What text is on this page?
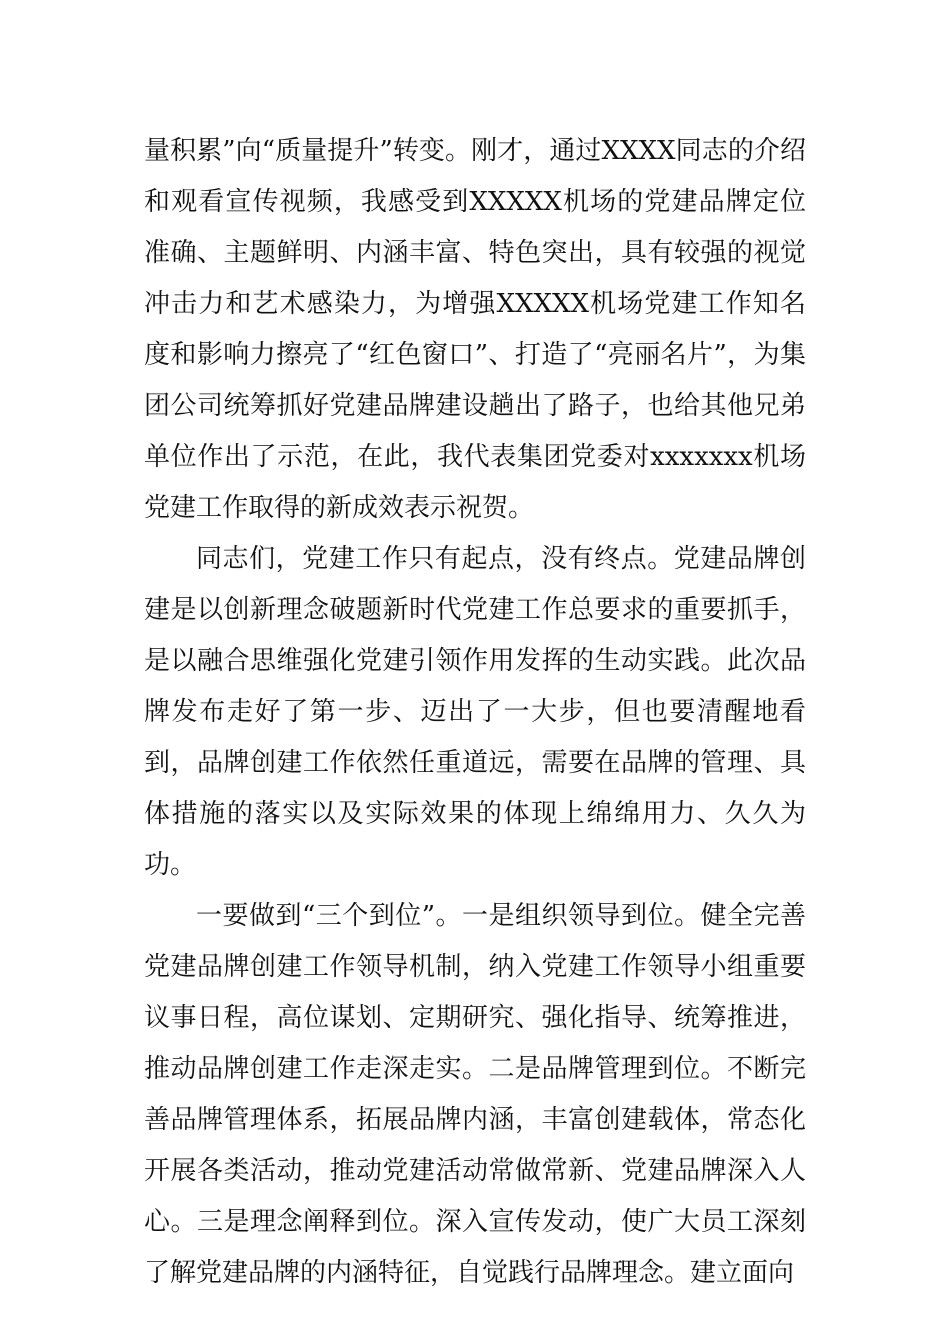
量积累”向“质量提升”转变。刚才，通过XXXX同志的介绍和观看宣传视频，我感受到XXXXX机场的党建品牌定位准确、主题鲜明、内涵丰富、特色突出，具有较强的视觉冲击力和艺术感染力，为增强XXXXX机场党建工作知名度和影响力擦亮了“红色窗口”、打造了“亮丽名片”，为集团公司统筹抓好党建品牌建设趟出了路子，也给其他兄弟单位作出了示范，在此，我代表集团党委对xxxxxxx机场党建工作取得的新成效表示祝贺。

同志们，党建工作只有起点，没有终点。党建品牌创建是以创新理念破题新时代党建工作总要求的重要抓手，是以融合思维强化党建引领作用发挥的生动实践。此次品牌发布走好了第一步、迈出了一大步，但也要清醒地看到，品牌创建工作依然任重道远，需要在品牌的管理、具体措施的落实以及实际效果的体现上绵绵用力、久久为功。

一要做到“三个到位”。一是组织领导到位。健全完善党建品牌创建工作领导机制，纳入党建工作领导小组重要议事日程，高位谋划、定期研究、强化指导、统筹推进，推动品牌创建工作走深走实。二是品牌管理到位。不断完善品牌管理体系，拓展品牌内涵，丰富创建载体，常态化开展各类活动，推动党建活动常做常新、党建品牌深入人心。三是理念阐释到位。深入宣传发动，使广大员工深刻了解党建品牌的内涵特征，自觉践行品牌理念。建立面向
